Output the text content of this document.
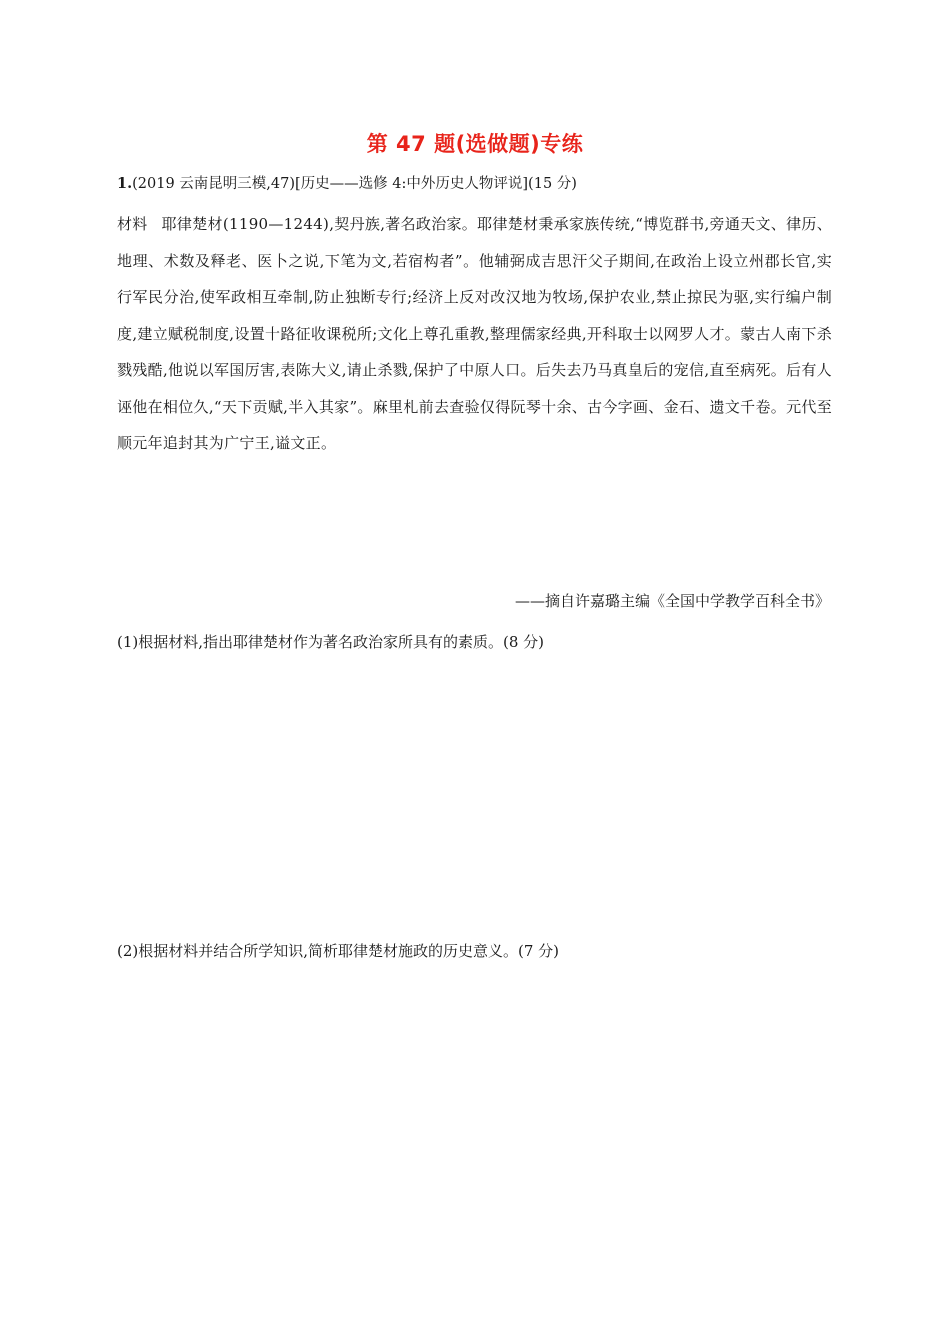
第 47 题(选做题)专练
1.(2019 云南昆明三模,47)[历史——选修 4:中外历史人物评说](15 分)
材料 耶律楚材(1190—1244),契丹族,著名政治家。耶律楚材秉承家族传统,“博览群书,旁通天文、律历、地理、术数及释老、医卜之说,下笔为文,若宿构者”。他辅弼成吉思汗父子期间,在政治上设立州郡长官,实行军民分治,使军政相互牵制,防止独断专行;经济上反对改汉地为牧场,保护农业,禁止掠民为驱,实行编户制度,建立赋税制度,设置十路征收课税所;文化上尊孔重教,整理儒家经典,开科取士以网罗人才。蒙古人南下杀戮残酷,他说以军国厉害,表陈大义,请止杀戮,保护了中原人口。后失去乃马真皇后的宠信,直至病死。后有人诬他在相位久,“天下贡赋,半入其家”。麻里札前去查验仅得阮琴十余、古今字画、金石、遗文千卷。元代至顺元年追封其为广宁王,谥文正。
——摘自许嘉璐主编《全国中学教学百科全书》
(1)根据材料,指出耶律楚材作为著名政治家所具有的素质。(8 分)
(2)根据材料并结合所学知识,简析耶律楚材施政的历史意义。(7 分)
